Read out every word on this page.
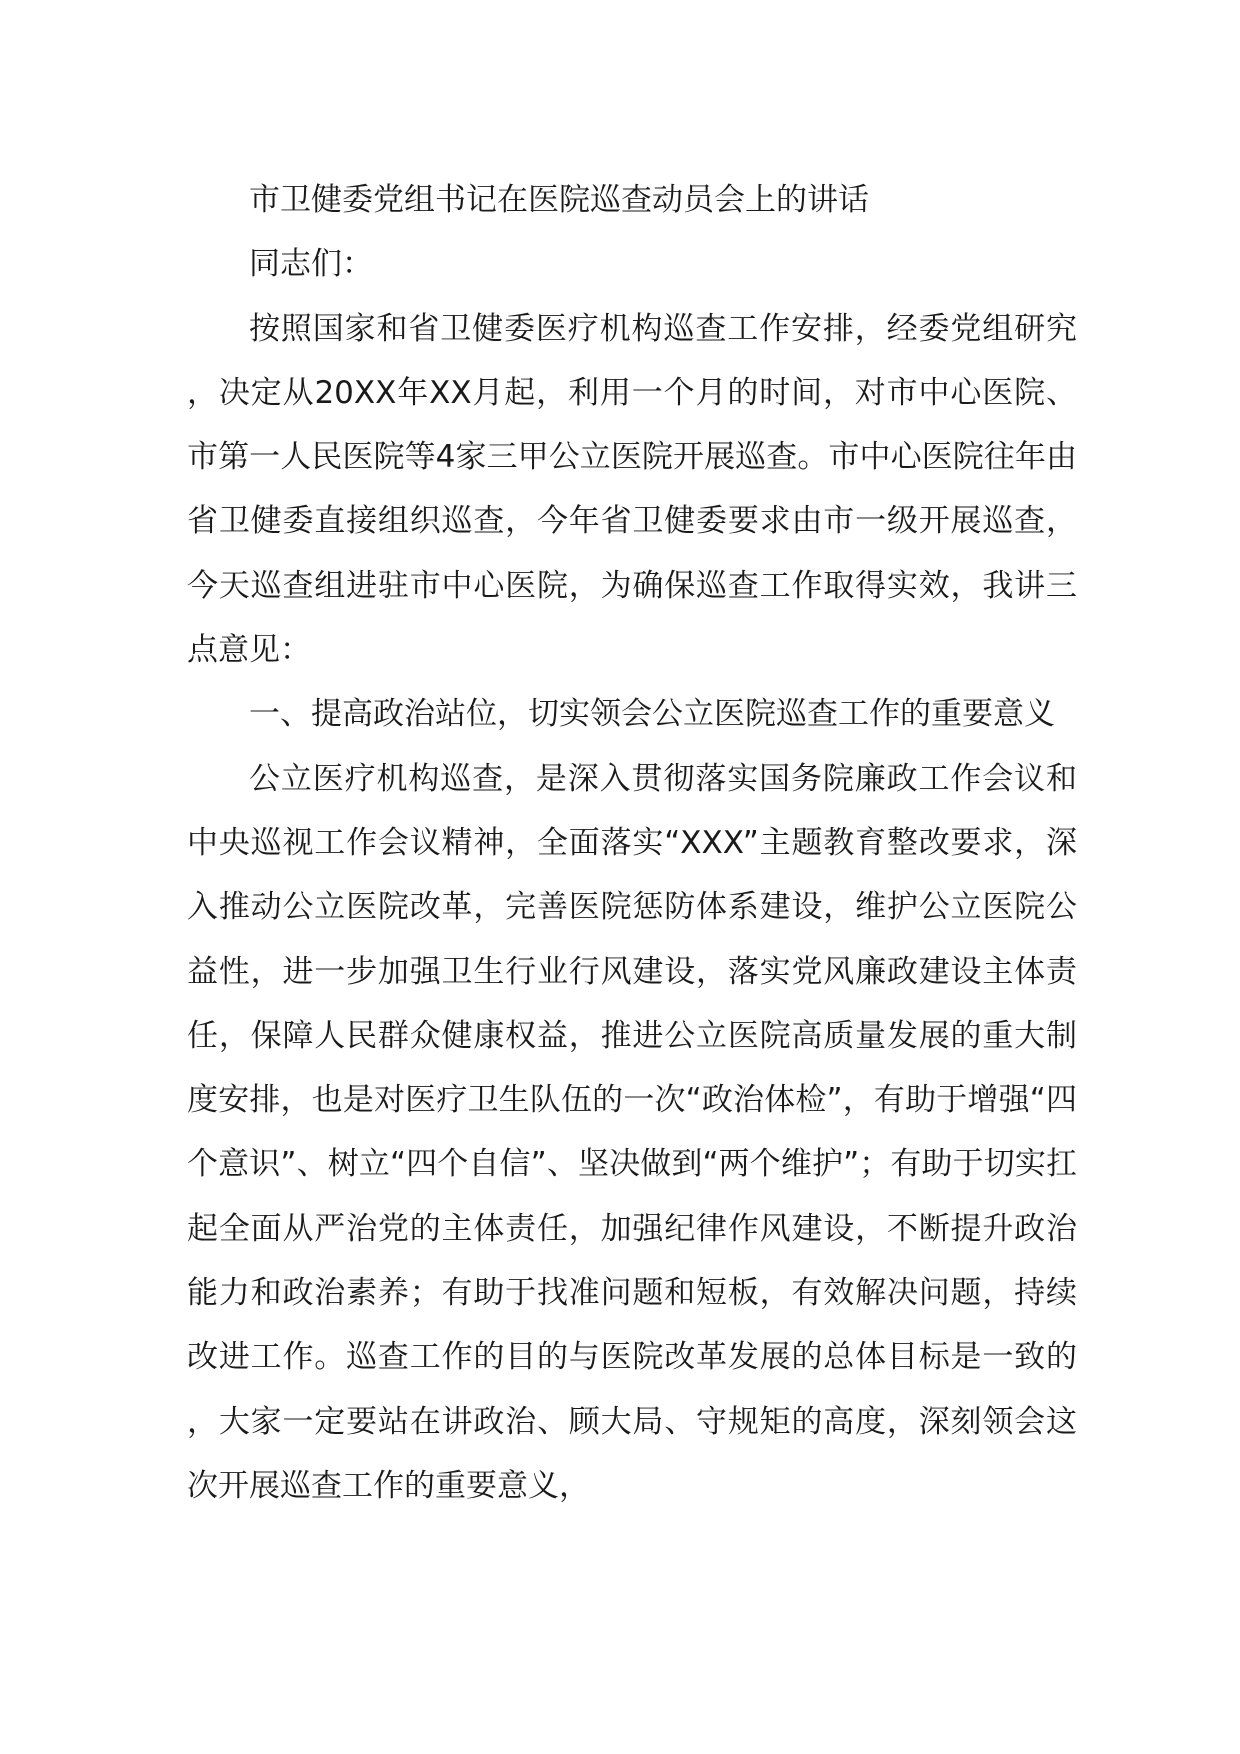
市卫健委党组书记在医院巡查动员会上的讲话

同志们：

按照国家和省卫健委医疗机构巡查工作安排，经委党组研究，决定从20XX年XX月起，利用一个月的时间，对市中心医院、市第一人民医院等4家三甲公立医院开展巡查。市中心医院往年由省卫健委直接组织巡查，今年省卫健委要求由市一级开展巡查，今天巡查组进驻市中心医院，为确保巡查工作取得实效，我讲三点意见：

一、提高政治站位，切实领会公立医院巡查工作的重要意义

公立医疗机构巡查，是深入贯彻落实国务院廉政工作会议和中央巡视工作会议精神，全面落实“XXX”主题教育整改要求，深入推动公立医院改革，完善医院惩防体系建设，维护公立医院公益性，进一步加强卫生行业行风建设，落实党风廉政建设主体责任，保障人民群众健康权益，推进公立医院高质量发展的重大制度安排，也是对医疗卫生队伍的一次“政治体检”，有助于增强“四个意识”、树立“四个自信”、坚决做到“两个维护”；有助于切实扛起全面从严治党的主体责任，加强纪律作风建设，不断提升政治能力和政治素养；有助于找准问题和短板，有效解决问题，持续改进工作。巡查工作的目的与医院改革发展的总体目标是一致的，大家一定要站在讲政治、顾大局、守规矩的高度，深刻领会这次开展巡查工作的重要意义，
